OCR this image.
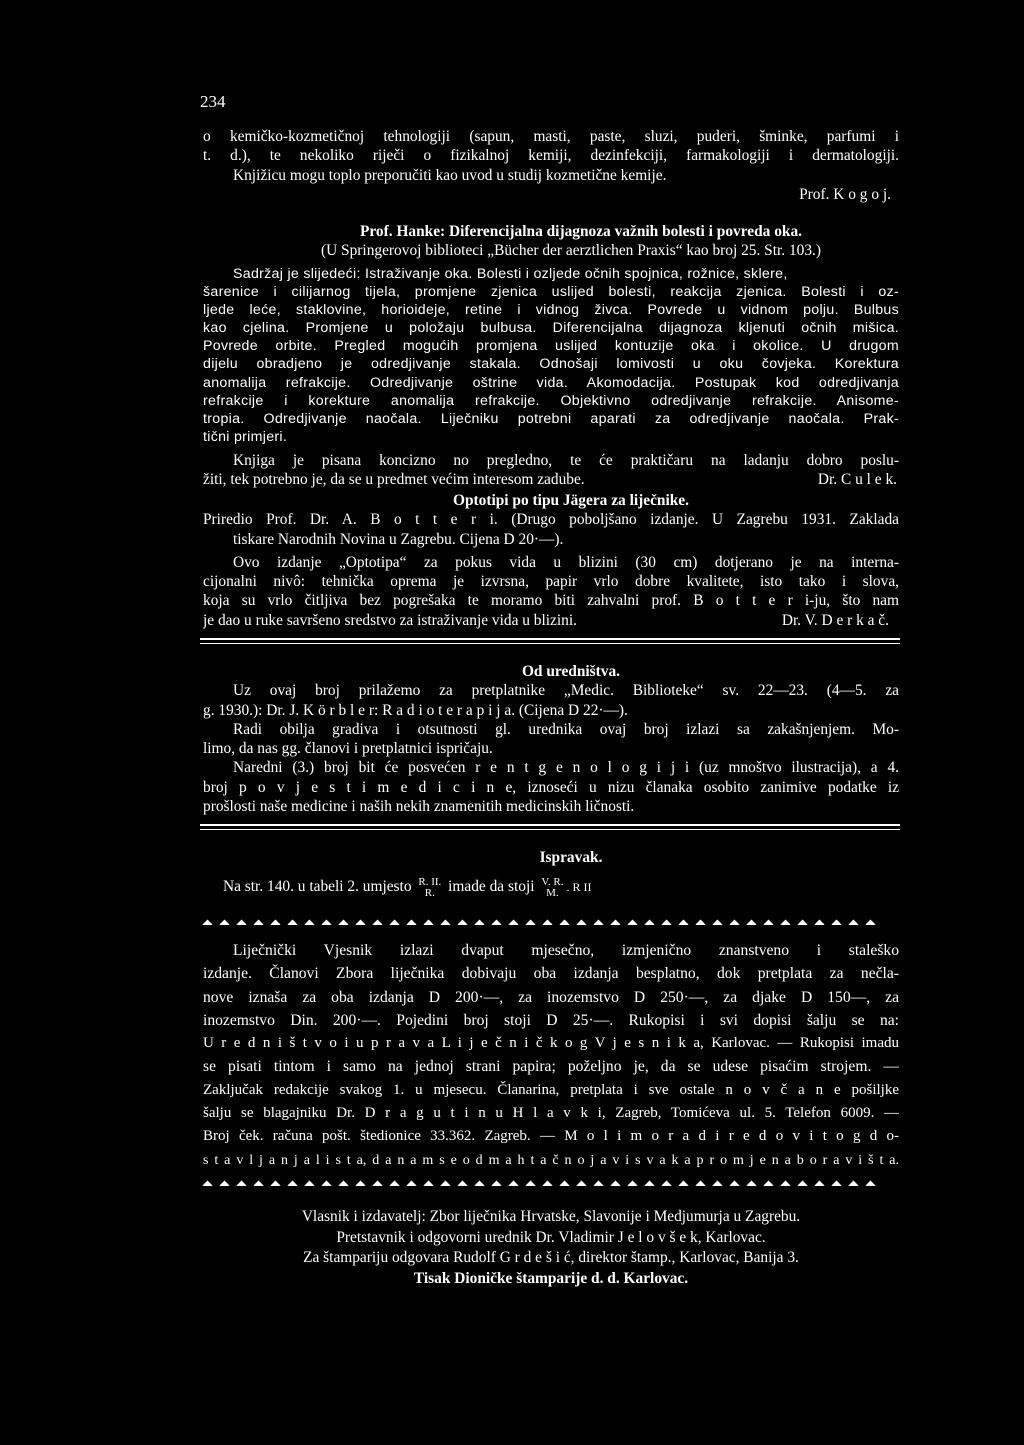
234
o kemičko-kozmetičnoj tehnologiji (sapun, masti, paste, sluzi, puderi, šminke, parfumi i
t. d.), te nekoliko riječi o fizikalnoj kemiji, dezinfekciji, farmakologiji i dermatologiji.
Knjižicu mogu toplo preporučiti kao uvod u studij kozmetične kemije.
Prof. K o g o j.
Prof. Hanke: Diferencijalna dijagnoza važnih bolesti i povreda oka.
(U Springerovoj biblioteci „Bücher der aerztlichen Praxis“ kao broj 25. Str. 103.)
Sadržaj je slijedeći: Istraživanje oka. Bolesti i ozljede očnih spojnica, rožnice, sklere,
šarenice i cilijarnog tijela, promjene zjenica uslijed bolesti, reakcija zjenica. Bolesti i oz-
ljede leće, staklovine, horioideje, retine i vidnog živca. Povrede u vidnom polju. Bulbus
kao cjelina. Promjene u položaju bulbusa. Diferencijalna dijagnoza kljenuti očnih mišica.
Povrede orbite. Pregled mogućih promjena uslijed kontuzije oka i okolice. U drugom
dijelu obradjeno je odredjivanje stakala. Odnošaji lomivosti u oku čovjeka. Korektura
anomalija refrakcije. Odredjivanje oštrine vida. Akomodacija. Postupak kod odredjivanja
refrakcije i korekture anomalija refrakcije. Objektivno odredjivanje refrakcije. Anisome-
tropia. Odredjivanje naočala. Liječniku potrebni aparati za odredjivanje naočala. Prak-
tični primjeri.
Knjiga je pisana koncizno no pregledno, te će praktičaru na ladanju dobro poslu-
žiti, tek potrebno je, da se u predmet većim interesom zadube.	Dr. C u l e k.
Optotipi po tipu Jägera za liječnike.
Priredio Prof. Dr. A. B o t t e r i. (Drugo poboljšano izdanje. U Zagrebu 1931. Zaklada
tiskare Narodnih Novina u Zagrebu. Cijena D 20·—).
Ovo izdanje „Optotipa“ za pokus vida u blizini (30 cm) dotjerano je na interna-
cijonalni nivô: tehnička oprema je izvrsna, papir vrlo dobre kvalitete, isto tako i slova,
koja su vrlo čitljiva bez pogrešaka te moramo biti zahvalni prof. B o t t e r i-ju, što nam
je dao u ruke savršeno sredstvo za istraživanje vida u blizini.	Dr. V. D e r k a č.
Od uredništva.
Uz ovaj broj prilažemo za pretplatnike „Medic. Biblioteke“ sv. 22—23. (4—5. za
g. 1930.): Dr. J. K ö r b l e r: R a d i o t e r a p i j a. (Cijena D 22·—).
Radi obilja gradiva i otsutnosti gl. urednika ovaj broj izlazi sa zakašnjenjem. Mo-
limo, da nas gg. članovi i pretplatnici ispričaju.
Naredni (3.) broj bit će posvećen r e n t g e n o l o g i j i (uz mnoštvo ilustracija), a 4.
broj p o v j e s t i m e d i c i n e, iznoseći u nizu članaka osobito zanimive podatke iz
prošlosti naše medicine i naših nekih znamenitih medicinskih ličnosti.
Ispravak.
Na str. 140. u tabeli 2. umjesto R. II.
R. imade da stoji V. R.
M. . R II
Liječnički Vjesnik izlazi dvaput mjesečno, izmjenično znanstveno i staleško
izdanje. Članovi Zbora liječnika dobivaju oba izdanja besplatno, dok pretplata za nečla-
nove iznaša za oba izdanja D 200·—, za inozemstvo D 250·—, za djake D 150—, za
inozemstvo Din. 200·—. Pojedini broj stoji D 25·—. Rukopisi i svi dopisi šalju se na:
U r e d n i š t v o i u p r a v a L i j e č n i č k o g V j e s n i k a, Karlovac. — Rukopisi imadu
se pisati tintom i samo na jednoj strani papira; poželjno je, da se udese pisaćim strojem. —
Zaključak redakcije svakog 1. u mjesecu. Članarina, pretplata i sve ostale n o v č a n e pošiljke
šalju se blagajniku Dr. D r a g u t i n u H l a v k i, Zagreb, Tomićeva ul. 5. Telefon 6009. —
Broj ček. računa pošt. štedionice 33.362. Zagreb. — M o l i m o r a d i r e d o v i t o g d o-
s t a v l j a n j a l i s t a, d a n a m s e o d m a h t a č n o j a v i s v a k a p r o m j e n a b o r a v i š t a.
Vlasnik i izdavatelj: Zbor liječnika Hrvatske, Slavonije i Medjumurja u Zagrebu.
Pretstavnik i odgovorni urednik Dr. Vladimir J e l o v š e k, Karlovac.
Za štampariju odgovara Rudolf G r d e š i ć, direktor štamp., Karlovac, Banija 3.
Tisak Dioničke štamparije d. d. Karlovac.
